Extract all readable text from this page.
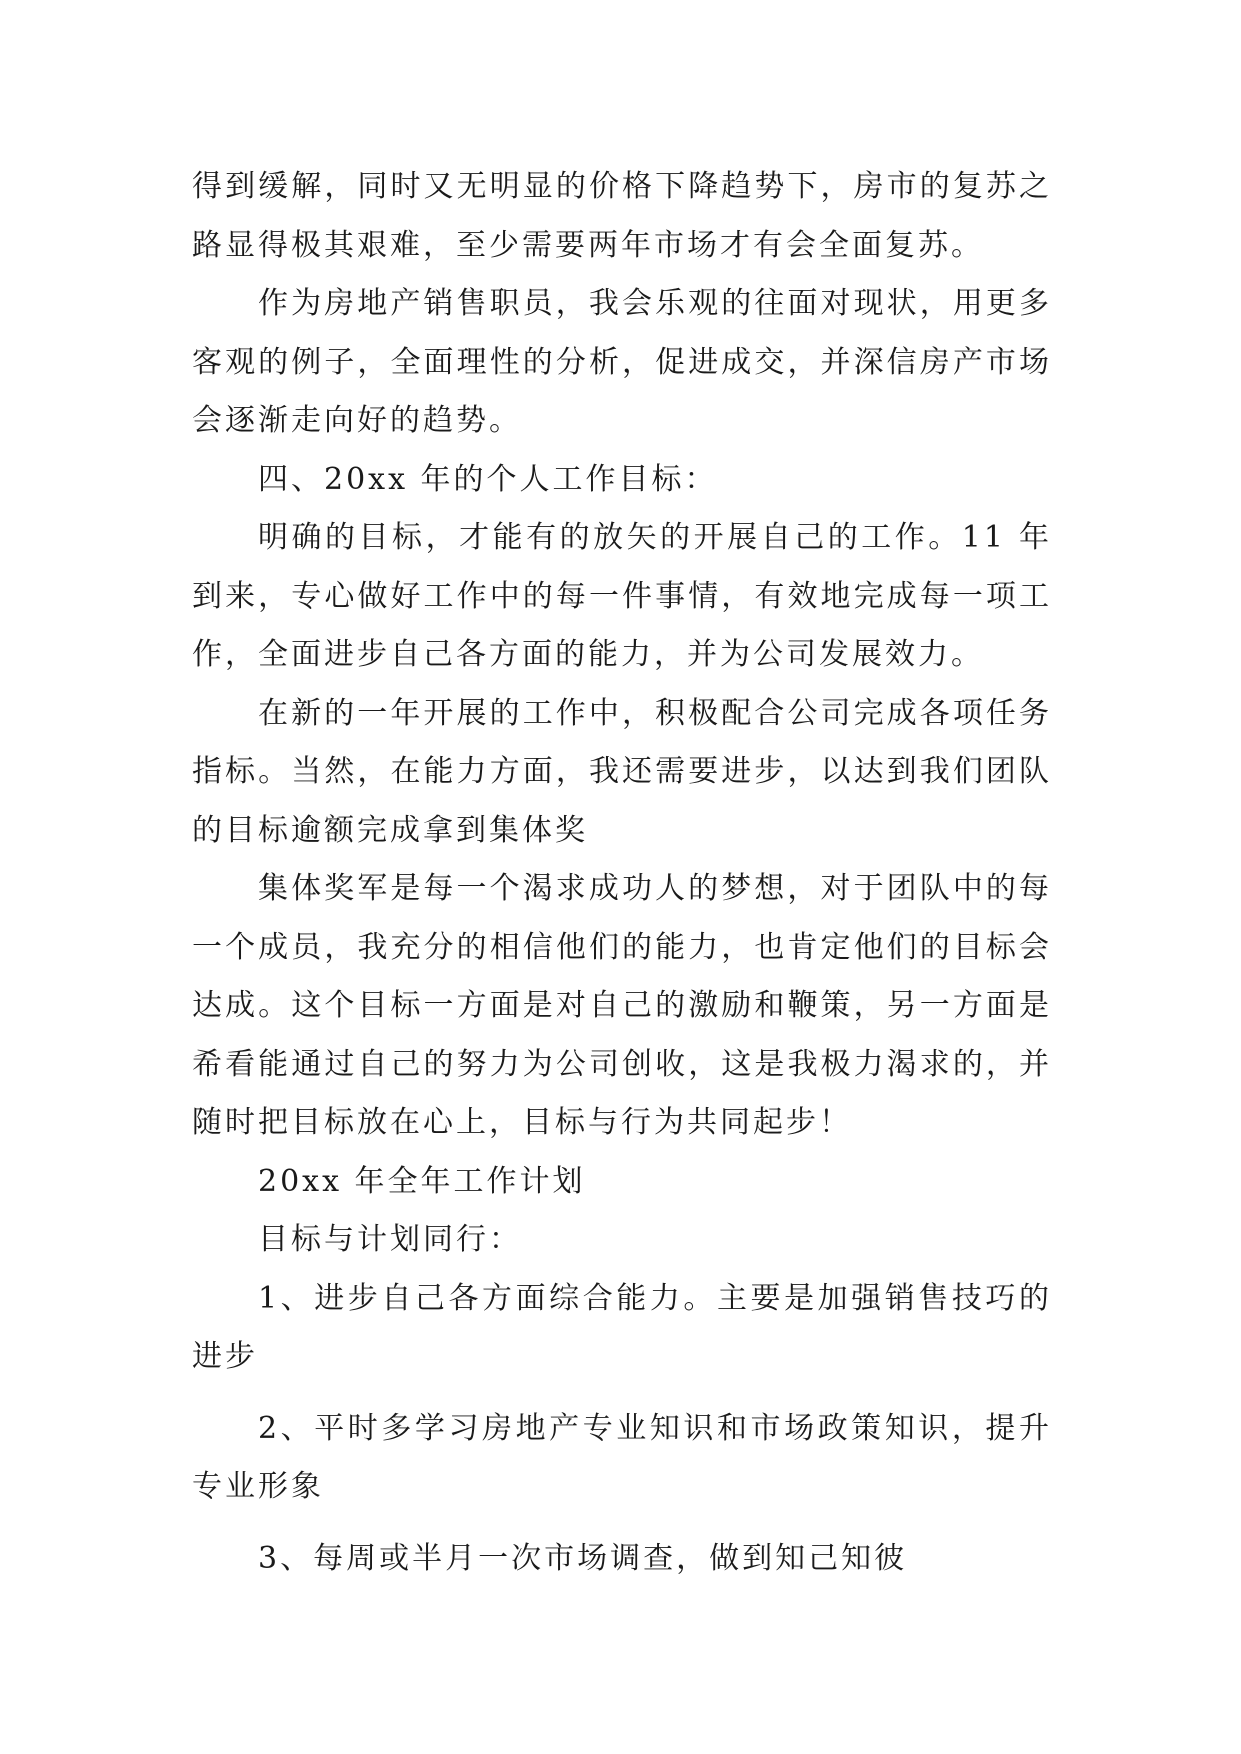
得到缓解，同时又无明显的价格下降趋势下，房市的复苏之路显得极其艰难，至少需要两年市场才有会全面复苏。

作为房地产销售职员，我会乐观的往面对现状，用更多客观的例子，全面理性的分析，促进成交，并深信房产市场会逐渐走向好的趋势。

四、20xx 年的个人工作目标：

明确的目标，才能有的放矢的开展自己的工作。11 年到来，专心做好工作中的每一件事情，有效地完成每一项工作，全面进步自己各方面的能力，并为公司发展效力。

在新的一年开展的工作中，积极配合公司完成各项任务指标。当然，在能力方面，我还需要进步，以达到我们团队的目标逾额完成拿到集体奖

集体奖军是每一个渴求成功人的梦想，对于团队中的每一个成员，我充分的相信他们的能力，也肯定他们的目标会达成。这个目标一方面是对自己的激励和鞭策，另一方面是希看能通过自己的努力为公司创收，这是我极力渴求的，并随时把目标放在心上，目标与行为共同起步！

20xx 年全年工作计划

目标与计划同行：

1、进步自己各方面综合能力。主要是加强销售技巧的进步

2、平时多学习房地产专业知识和市场政策知识，提升专业形象

3、每周或半月一次市场调查，做到知己知彼
